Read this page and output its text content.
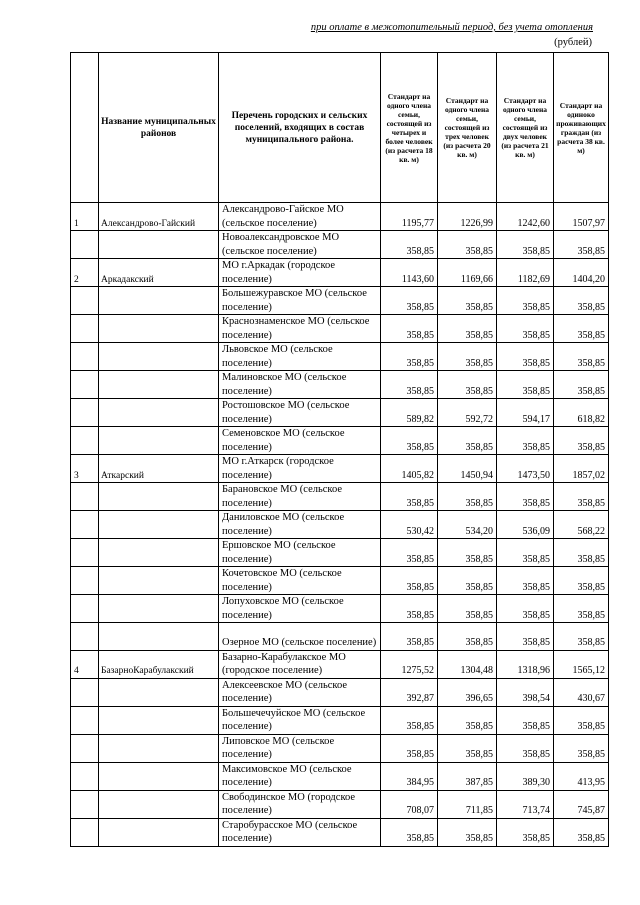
при оплате в межотопительный период, без учета отопления
(рублей)
	Название муниципальных районов	Перечень городских и сельских поселений, входящих в состав муниципального района.	Стандарт на одного члена семьи, состоящей из четырех и более человек (из расчета 18 кв. м)	Стандарт на одного члена семьи, состоящей из трех человек (из расчета 20 кв. м)	Стандарт на одного члена семьи, состоящей из двух человек (из расчета 21 кв. м)	Стандарт на одиноко проживающих граждан (из расчета 38 кв. м)
1	Александрово-Гайский	Александрово-Гайское МО (сельское поселение)	1195,77	1226,99	1242,60	1507,97
		Новоалександровское МО (сельское поселение)	358,85	358,85	358,85	358,85
2	Аркадакский	МО г.Аркадак (городское поселение)	1143,60	1169,66	1182,69	1404,20
		Большежуравское МО (сельское поселение)	358,85	358,85	358,85	358,85
		Краснознаменское МО (сельское поселение)	358,85	358,85	358,85	358,85
		Львовское МО (сельское поселение)	358,85	358,85	358,85	358,85
		Малиновское МО (сельское поселение)	358,85	358,85	358,85	358,85
		Ростошовское МО (сельское поселение)	589,82	592,72	594,17	618,82
		Семеновское МО (сельское поселение)	358,85	358,85	358,85	358,85
3	Аткарский	МО г.Аткарск (городское поселение)	1405,82	1450,94	1473,50	1857,02
		Барановское МО (сельское поселение)	358,85	358,85	358,85	358,85
		Даниловское МО (сельское поселение)	530,42	534,20	536,09	568,22
		Ершовское МО (сельское поселение)	358,85	358,85	358,85	358,85
		Кочетовское МО (сельское поселение)	358,85	358,85	358,85	358,85
		Лопуховское МО (сельское поселение)	358,85	358,85	358,85	358,85
		Озерное МО (сельское поселение)	358,85	358,85	358,85	358,85
4	БазарноКарабулакский	Базарно-Карабулакское МО (городское поселение)	1275,52	1304,48	1318,96	1565,12
		Алексеевское МО (сельское поселение)	392,87	396,65	398,54	430,67
		Большечечуйское МО (сельское поселение)	358,85	358,85	358,85	358,85
		Липовское МО (сельское поселение)	358,85	358,85	358,85	358,85
		Максимовское МО (сельское поселение)	384,95	387,85	389,30	413,95
		Свободинское МО (городское поселение)	708,07	711,85	713,74	745,87
		Старобурасское МО (сельское поселение)	358,85	358,85	358,85	358,85
